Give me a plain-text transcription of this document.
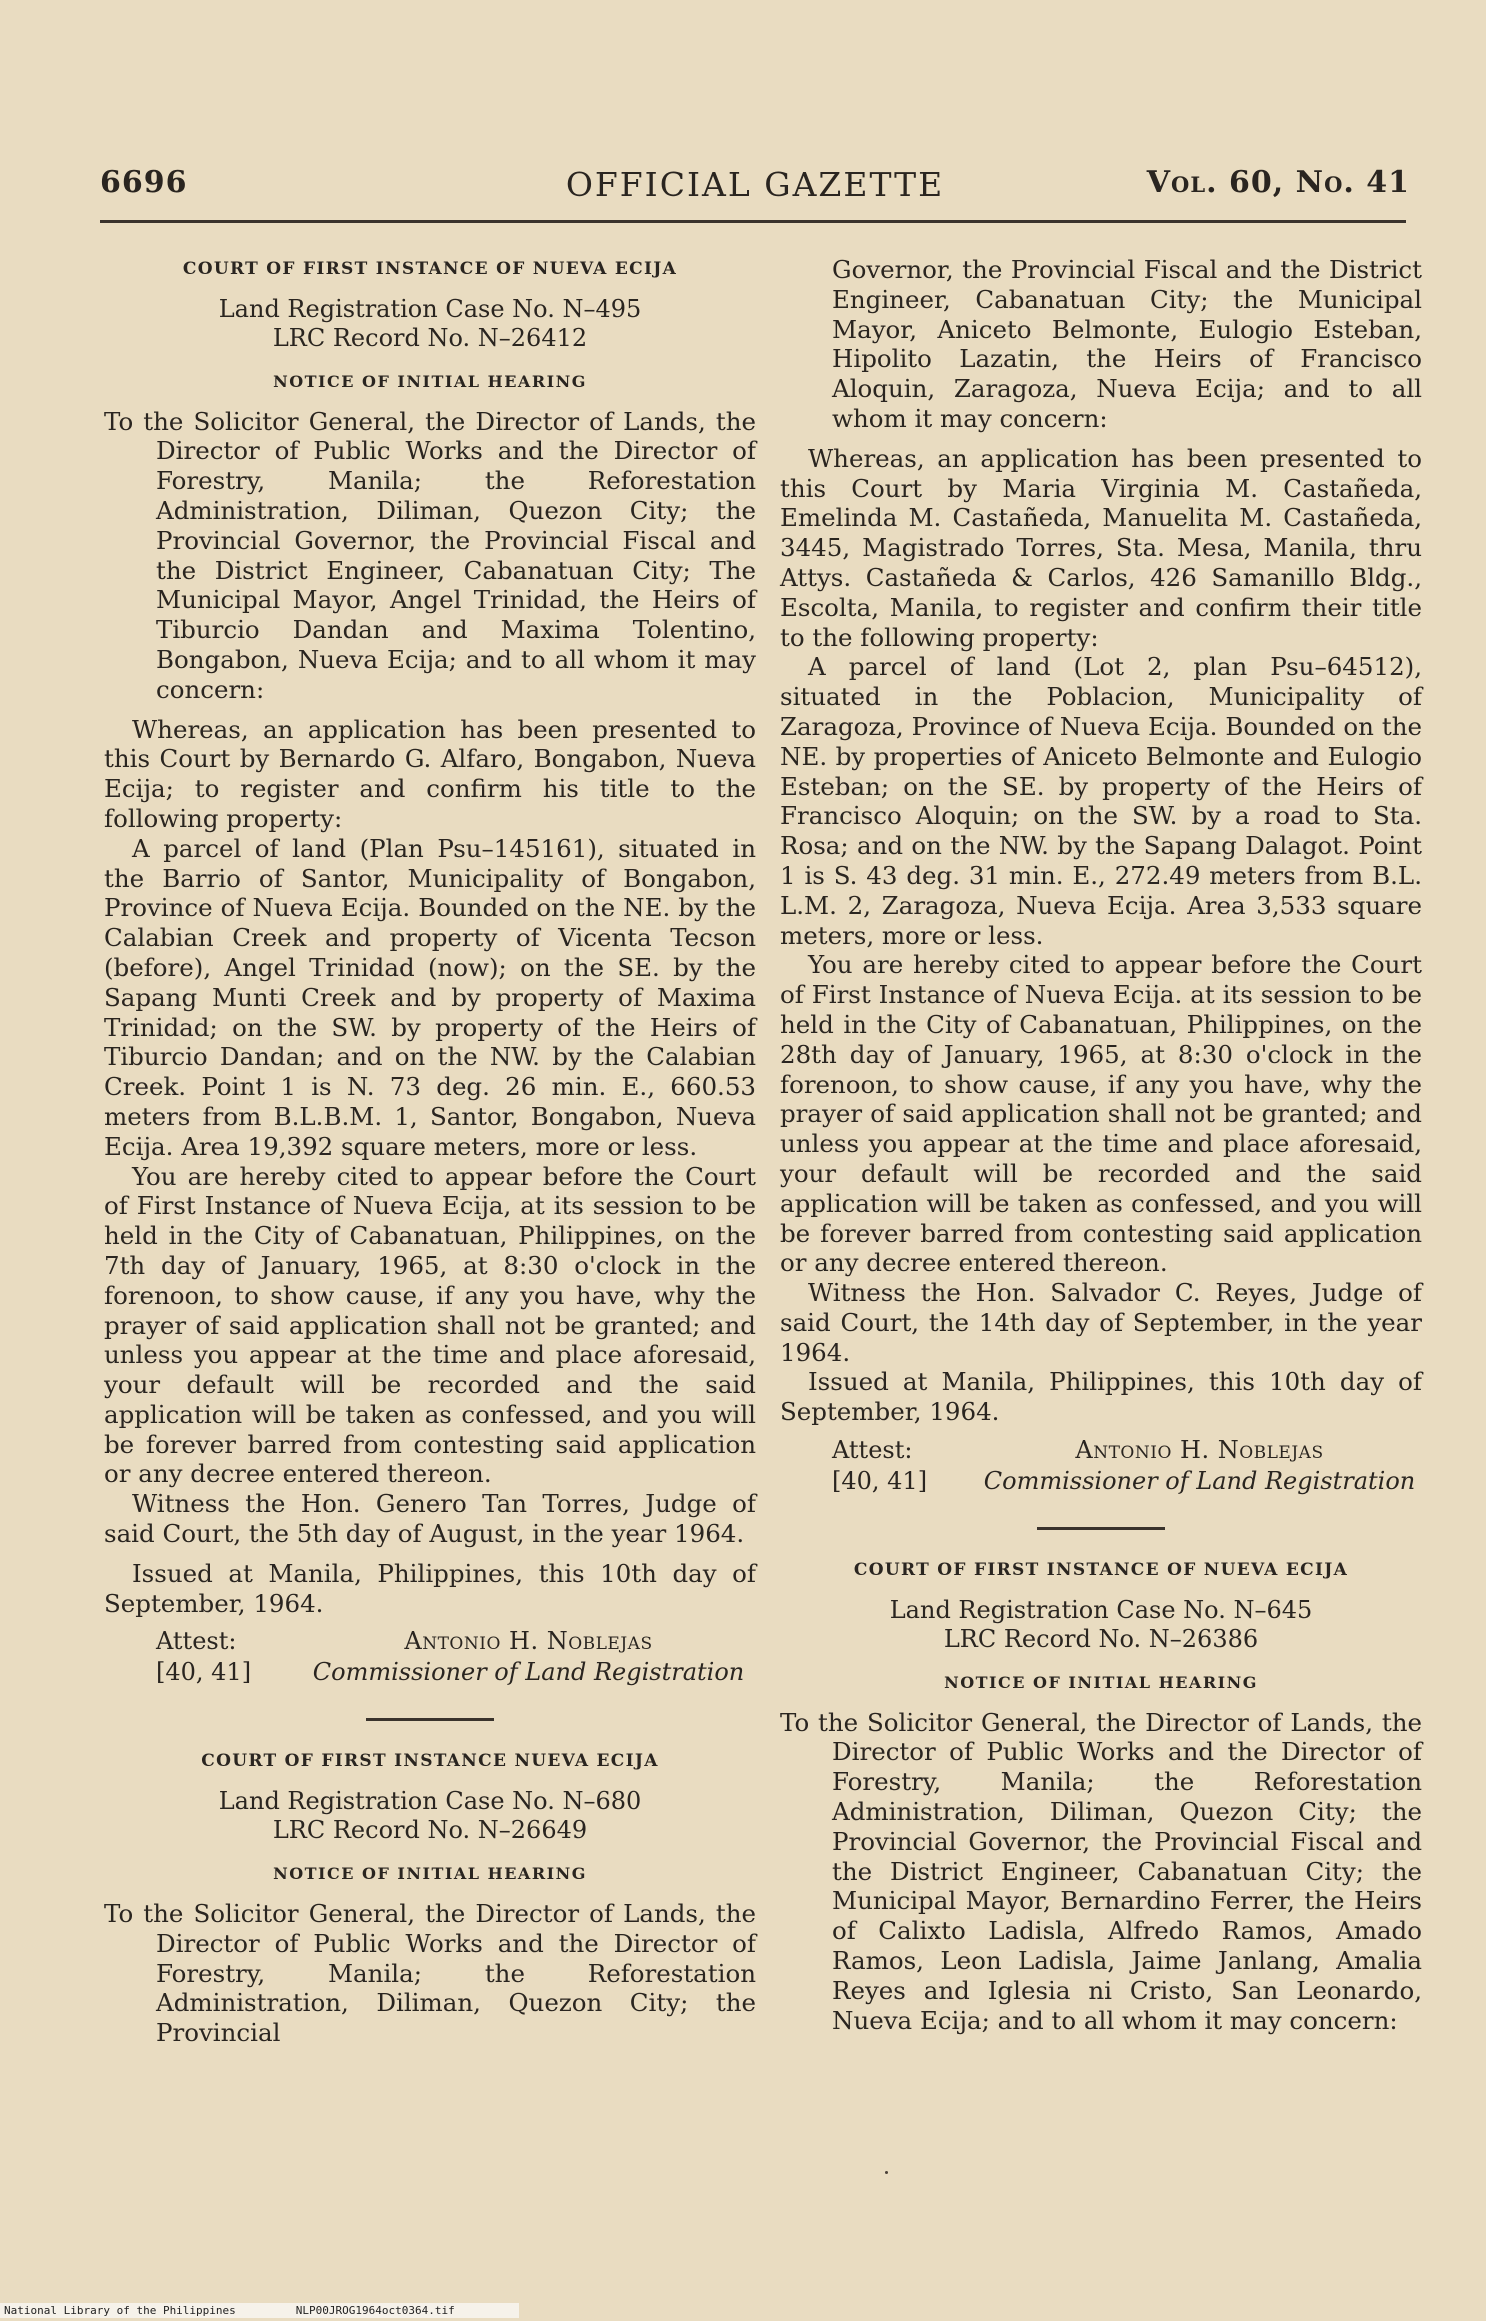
OFFICIAL GAZETTE
6696	Vol. 60, No. 41

COURT OF FIRST INSTANCE OF NUEVA ECIJA

Land Registration Case No. N–495

LRC Record No. N–26412

NOTICE OF INITIAL HEARING

To the Solicitor General, the Director of Lands, the Director of Public Works and the Director of Forestry, Manila; the Reforestation Administration, Diliman, Quezon City; the Provincial Governor, the Provincial Fiscal and the District Engineer, Cabanatuan City; The Municipal Mayor, Angel Trinidad, the Heirs of Tiburcio Dandan and Maxima Tolentino, Bongabon, Nueva Ecija; and to all whom it may concern:

Whereas, an application has been presented to this Court by Bernardo G. Alfaro, Bongabon, Nueva Ecija; to register and confirm his title to the following property:

A parcel of land (Plan Psu–145161), situated in the Barrio of Santor, Municipality of Bongabon, Province of Nueva Ecija. Bounded on the NE. by the Calabian Creek and property of Vicenta Tecson (before), Angel Trinidad (now); on the SE. by the Sapang Munti Creek and by property of Maxima Trinidad; on the SW. by property of the Heirs of Tiburcio Dandan; and on the NW. by the Calabian Creek. Point 1 is N. 73 deg. 26 min. E., 660.53 meters from B.L.B.M. 1, Santor, Bongabon, Nueva Ecija. Area 19,392 square meters, more or less.

You are hereby cited to appear before the Court of First Instance of Nueva Ecija, at its session to be held in the City of Cabanatuan, Philippines, on the 7th day of January, 1965, at 8:30 o'clock in the forenoon, to show cause, if any you have, why the prayer of said application shall not be granted; and unless you appear at the time and place aforesaid, your default will be recorded and the said application will be taken as confessed, and you will be forever barred from contesting said application or any decree entered thereon.

Witness the Hon. Genero Tan Torres, Judge of said Court, the 5th day of August, in the year 1964.

Issued at Manila, Philippines, this 10th day of September, 1964.

Attest:
[40, 41]
Antonio H. Noblejas
Commissioner of Land Registration

COURT OF FIRST INSTANCE NUEVA ECIJA

Land Registration Case No. N–680

LRC Record No. N–26649

NOTICE OF INITIAL HEARING

To the Solicitor General, the Director of Lands, the Director of Public Works and the Director of Forestry, Manila; the Reforestation Administration, Diliman, Quezon City; the Provincial

Governor, the Provincial Fiscal and the District Engineer, Cabanatuan City; the Municipal Mayor, Aniceto Belmonte, Eulogio Esteban, Hipolito Lazatin, the Heirs of Francisco Aloquin, Zaragoza, Nueva Ecija; and to all whom it may concern:

Whereas, an application has been presented to this Court by Maria Virginia M. Castañeda, Emelinda M. Castañeda, Manuelita M. Castañeda, 3445, Magistrado Torres, Sta. Mesa, Manila, thru Attys. Castañeda & Carlos, 426 Samanillo Bldg., Escolta, Manila, to register and confirm their title to the following property:

A parcel of land (Lot 2, plan Psu–64512), situated in the Poblacion, Municipality of Zaragoza, Province of Nueva Ecija. Bounded on the NE. by properties of Aniceto Belmonte and Eulogio Esteban; on the SE. by property of the Heirs of Francisco Aloquin; on the SW. by a road to Sta. Rosa; and on the NW. by the Sapang Dalagot. Point 1 is S. 43 deg. 31 min. E., 272.49 meters from B.L. L.M. 2, Zaragoza, Nueva Ecija. Area 3,533 square meters, more or less.

You are hereby cited to appear before the Court of First Instance of Nueva Ecija. at its session to be held in the City of Cabanatuan, Philippines, on the 28th day of January, 1965, at 8:30 o'clock in the forenoon, to show cause, if any you have, why the prayer of said application shall not be granted; and unless you appear at the time and place aforesaid, your default will be recorded and the said application will be taken as confessed, and you will be forever barred from contesting said application or any decree entered thereon.

Witness the Hon. Salvador C. Reyes, Judge of said Court, the 14th day of September, in the year 1964.

Issued at Manila, Philippines, this 10th day of September, 1964.

Attest:
[40, 41]
Antonio H. Noblejas
Commissioner of Land Registration

COURT OF FIRST INSTANCE OF NUEVA ECIJA

Land Registration Case No. N–645

LRC Record No. N–26386

NOTICE OF INITIAL HEARING

To the Solicitor General, the Director of Lands, the Director of Public Works and the Director of Forestry, Manila; the Reforestation Administration, Diliman, Quezon City; the Provincial Governor, the Provincial Fiscal and the District Engineer, Cabanatuan City; the Municipal Mayor, Bernardino Ferrer, the Heirs of Calixto Ladisla, Alfredo Ramos, Amado Ramos, Leon Ladisla, Jaime Janlang, Amalia Reyes and Iglesia ni Cristo, San Leonardo, Nueva Ecija; and to all whom it may concern:

National Library of the Philippines	NLP00JROG1964oct0364.tif
